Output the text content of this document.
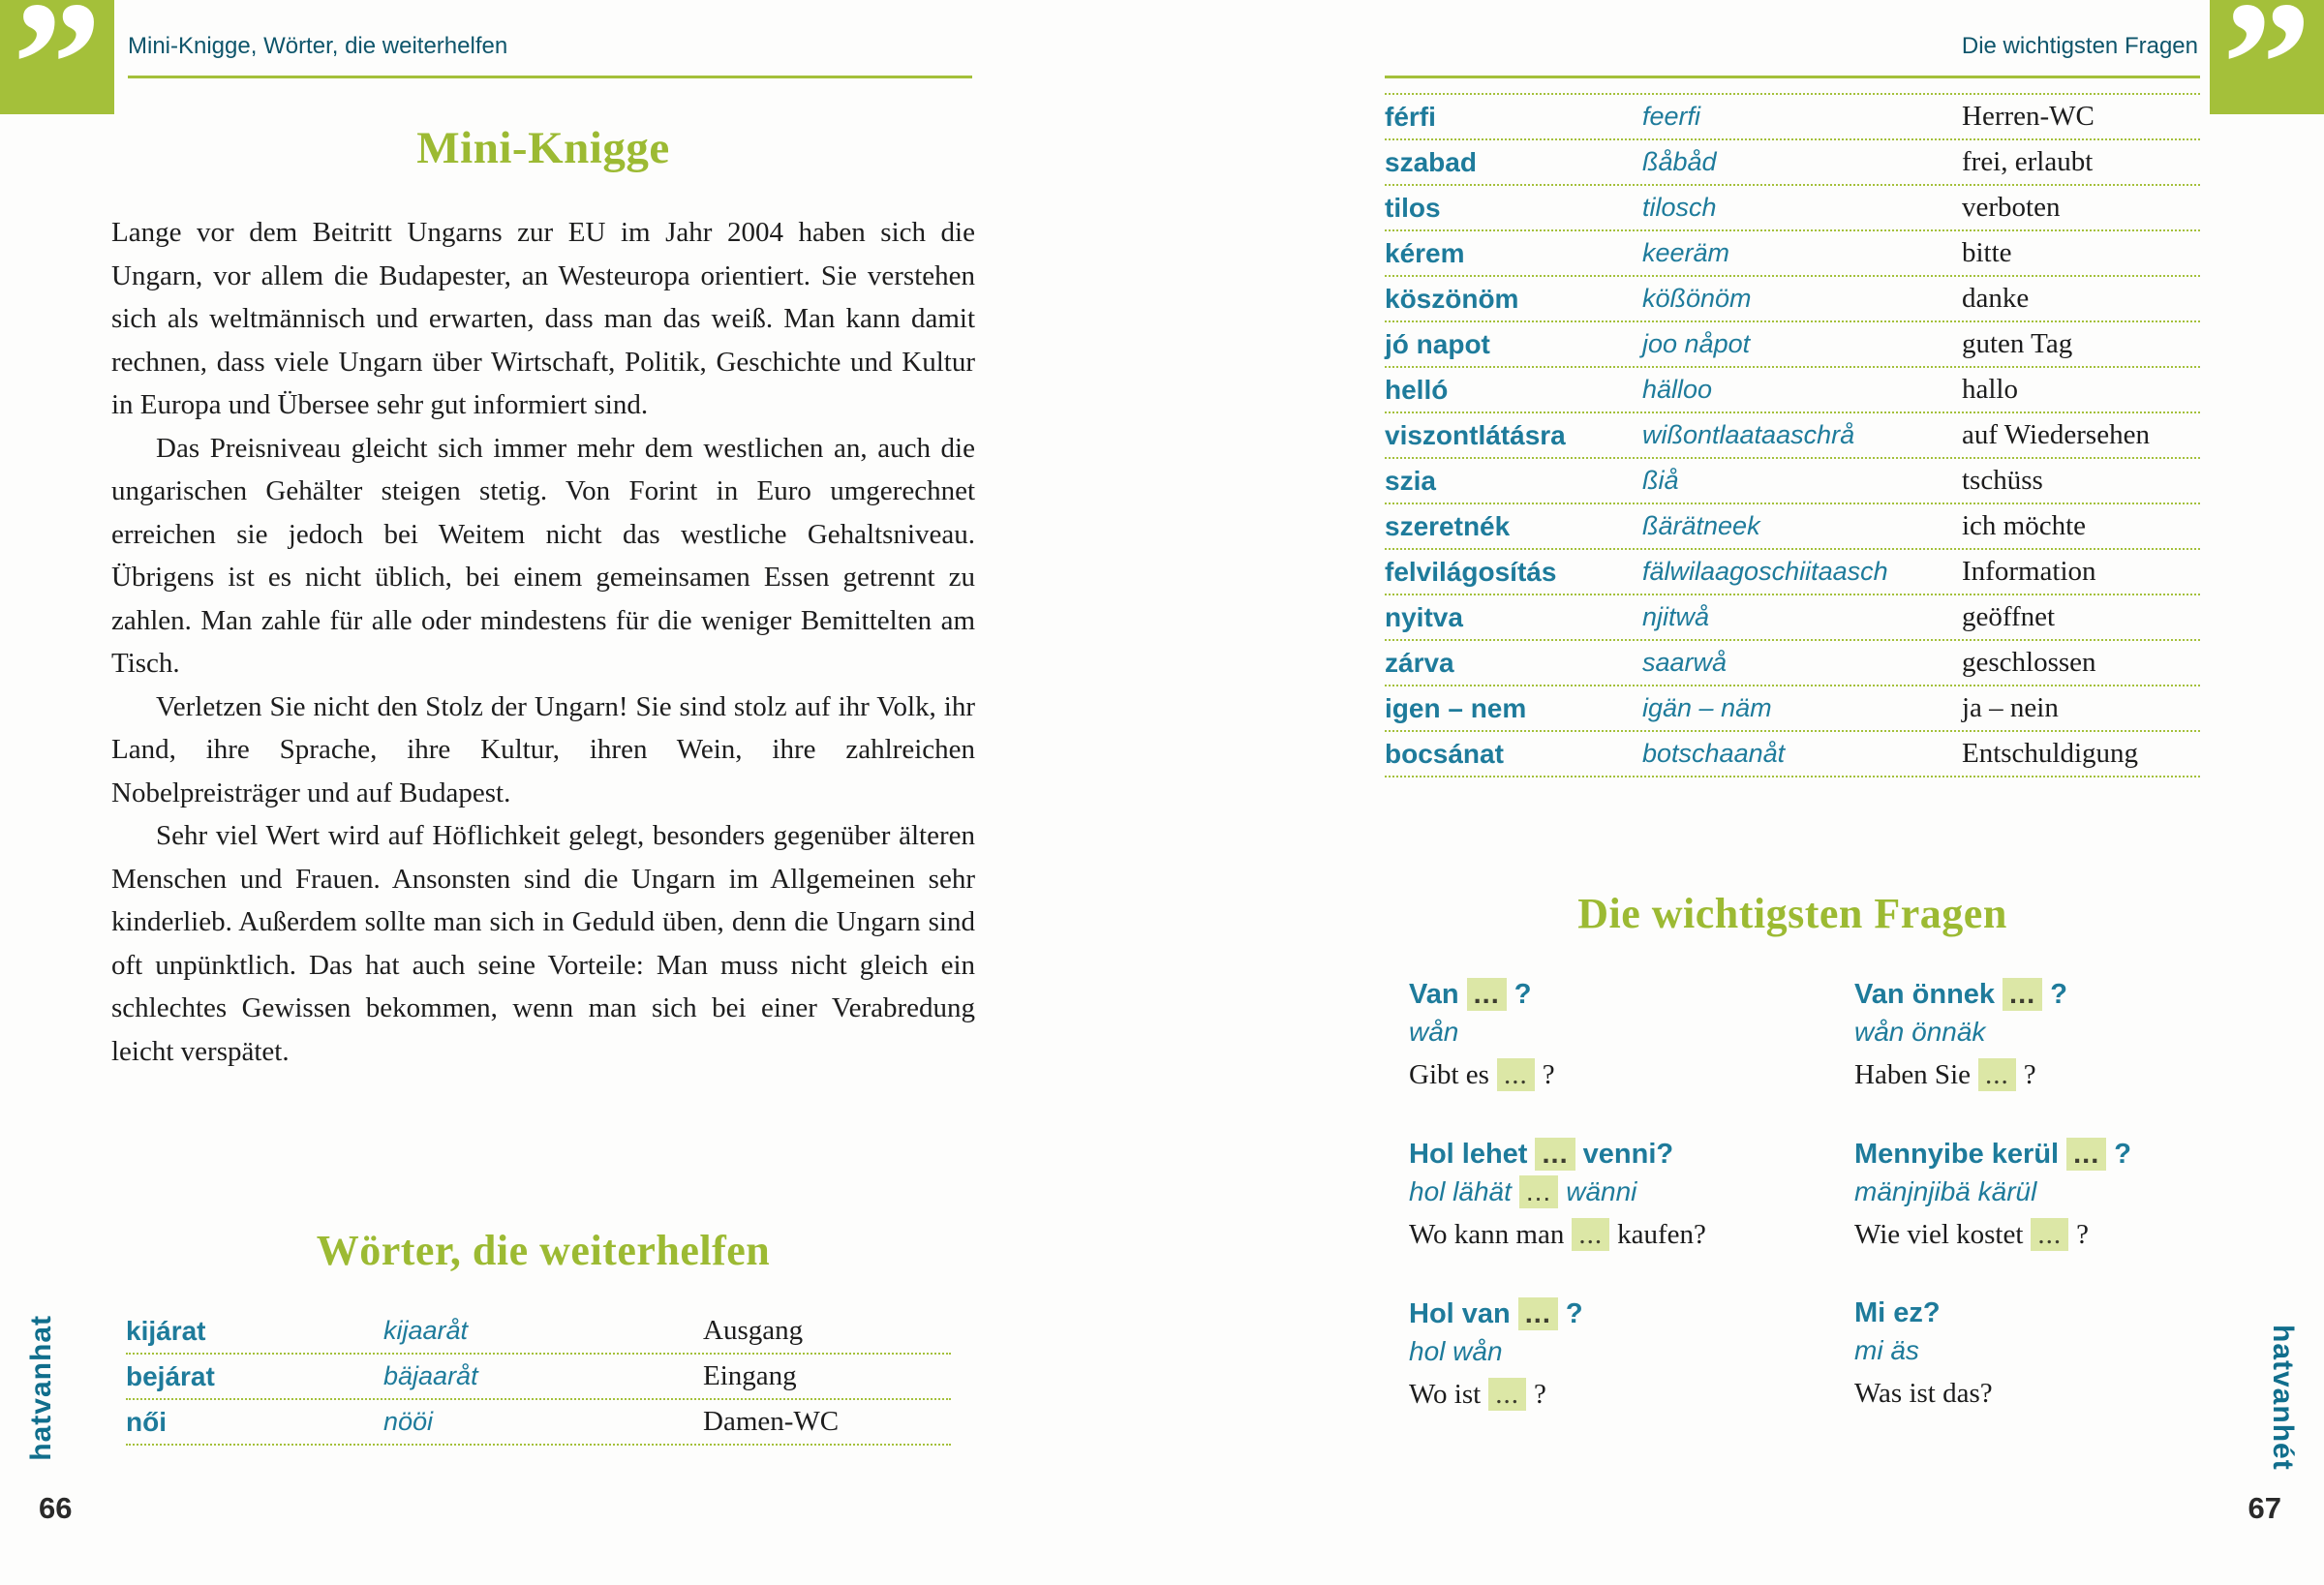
”	”
Mini-Knigge, Wörter, die weiterhelfen	Die wichtigsten Fragen
Mini-Knigge

Lange vor dem Beitritt Ungarns zur EU im Jahr 2004 haben sich die Ungarn, vor allem die Budapester, an Westeuropa orientiert. Sie verstehen sich als weltmännisch und erwarten, dass man das weiß. Man kann damit rechnen, dass viele Ungarn über Wirtschaft, Politik, Geschichte und Kultur in Europa und Übersee sehr gut informiert sind.

Das Preisniveau gleicht sich immer mehr dem westlichen an, auch die ungarischen Gehälter steigen stetig. Von Forint in Euro umgerechnet erreichen sie jedoch bei Weitem nicht das westliche Gehaltsniveau. Übrigens ist es nicht üblich, bei einem gemeinsamen Essen getrennt zu zahlen. Man zahle für alle oder mindestens für die weniger Bemittelten am Tisch.

Verletzen Sie nicht den Stolz der Ungarn! Sie sind stolz auf ihr Volk, ihr Land, ihre Sprache, ihre Kultur, ihren Wein, ihre zahlreichen Nobelpreisträger und auf Budapest.

Sehr viel Wert wird auf Höflichkeit gelegt, besonders gegenüber älteren Menschen und Frauen. Ansonsten sind die Ungarn im Allgemeinen sehr kinderlieb. Außerdem sollte man sich in Geduld üben, denn die Ungarn sind oft unpünktlich. Das hat auch seine Vorteile: Man muss nicht gleich ein schlechtes Gewissen bekommen, wenn man sich bei einer Verabredung leicht verspätet.

Wörter, die weiterhelfen
kijárat	kijaaråt	Ausgang
bejárat	bäjaaråt	Eingang
női	nööi	Damen-WC
férfi	feerfi	Herren-WC
szabad	ßåbåd	frei, erlaubt
tilos	tilosch	verboten
kérem	keeräm	bitte
köszönöm	kößönöm	danke
jó napot	joo nåpot	guten Tag
helló	hälloo	hallo
viszontlátásra	wißontlaataaschrå	auf Wiedersehen
szia	ßiå	tschüss
szeretnék	ßärätneek	ich möchte
felvilágosítás	fälwilaagoschiitaasch	Information
nyitva	njitwå	geöffnet
zárva	saarwå	geschlossen
igen – nem	igän – näm	ja – nein
bocsánat	botschaanåt	Entschuldigung
Die wichtigsten Fragen
Van ... ?
wån
Gibt es ... ?
Van önnek ... ?
wån önnäk
Haben Sie ... ?
Hol lehet ... venni?
hol lähät ... wänni
Wo kann man ... kaufen?
Mennyibe kerül ... ?
mänjnjibä kärül
Wie viel kostet ... ?
Hol van ... ?
hol wån
Wo ist ... ?
Mi ez?
mi äs
Was ist das?
hatvanhat	hatvanhét
66	67
